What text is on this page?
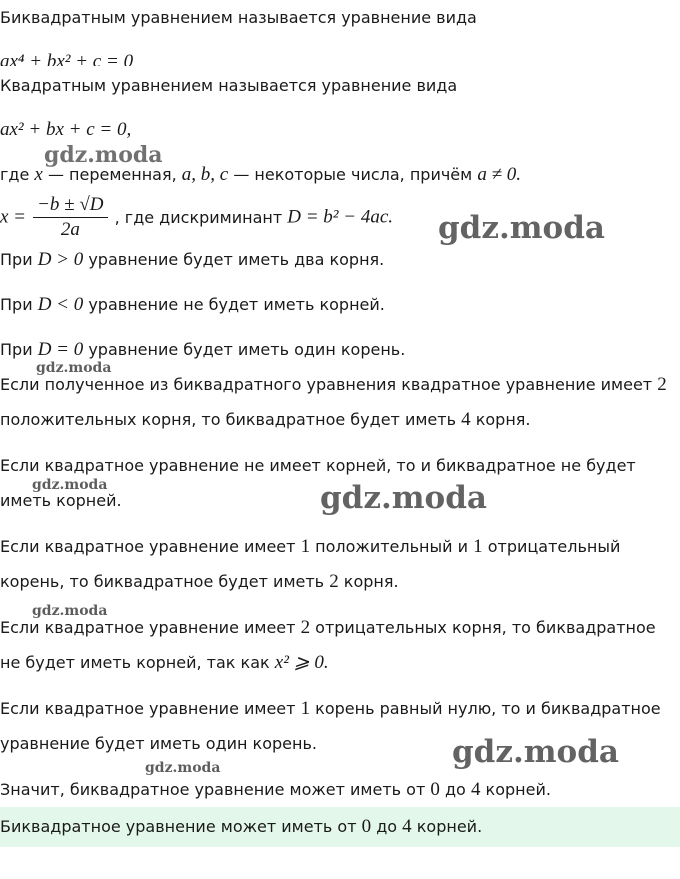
Биквадратным уравнением называется уравнение вида
ax⁴ + bx² + c = 0
Квадратным уравнением называется уравнение вида
ax² + bx + c = 0,
где x — переменная, a, b, c — некоторые числа, причём a ≠ 0.
$x = \frac{-b \pm √D}{2a}$ , где дискриминант D = b² − 4ac.
При D > 0 уравнение будет иметь два корня.
При D < 0 уравнение не будет иметь корней.
При D = 0 уравнение будет иметь один корень.
Если полученное из биквадратного уравнения квадратное уравнение имеет 2
положительных корня, то биквадратное будет иметь 4 корня.
Если квадратное уравнение не имеет корней, то и биквадратное не будет
иметь корней.
Если квадратное уравнение имеет 1 положительный и 1 отрицательный
корень, то биквадратное будет иметь 2 корня.
Если квадратное уравнение имеет 2 отрицательных корня, то биквадратное
не будет иметь корней, так как x² ⩾ 0.
Если квадратное уравнение имеет 1 корень равный нулю, то и биквадратное
уравнение будет иметь один корень.
Значит, биквадратное уравнение может иметь от 0 до 4 корней.
Биквадратное уравнение может иметь от 0 до 4 корней.
gdz.moda
gdz.moda
gdz.moda
gdz.moda	gdz.moda
gdz.moda
gdz.moda
gdz.moda
